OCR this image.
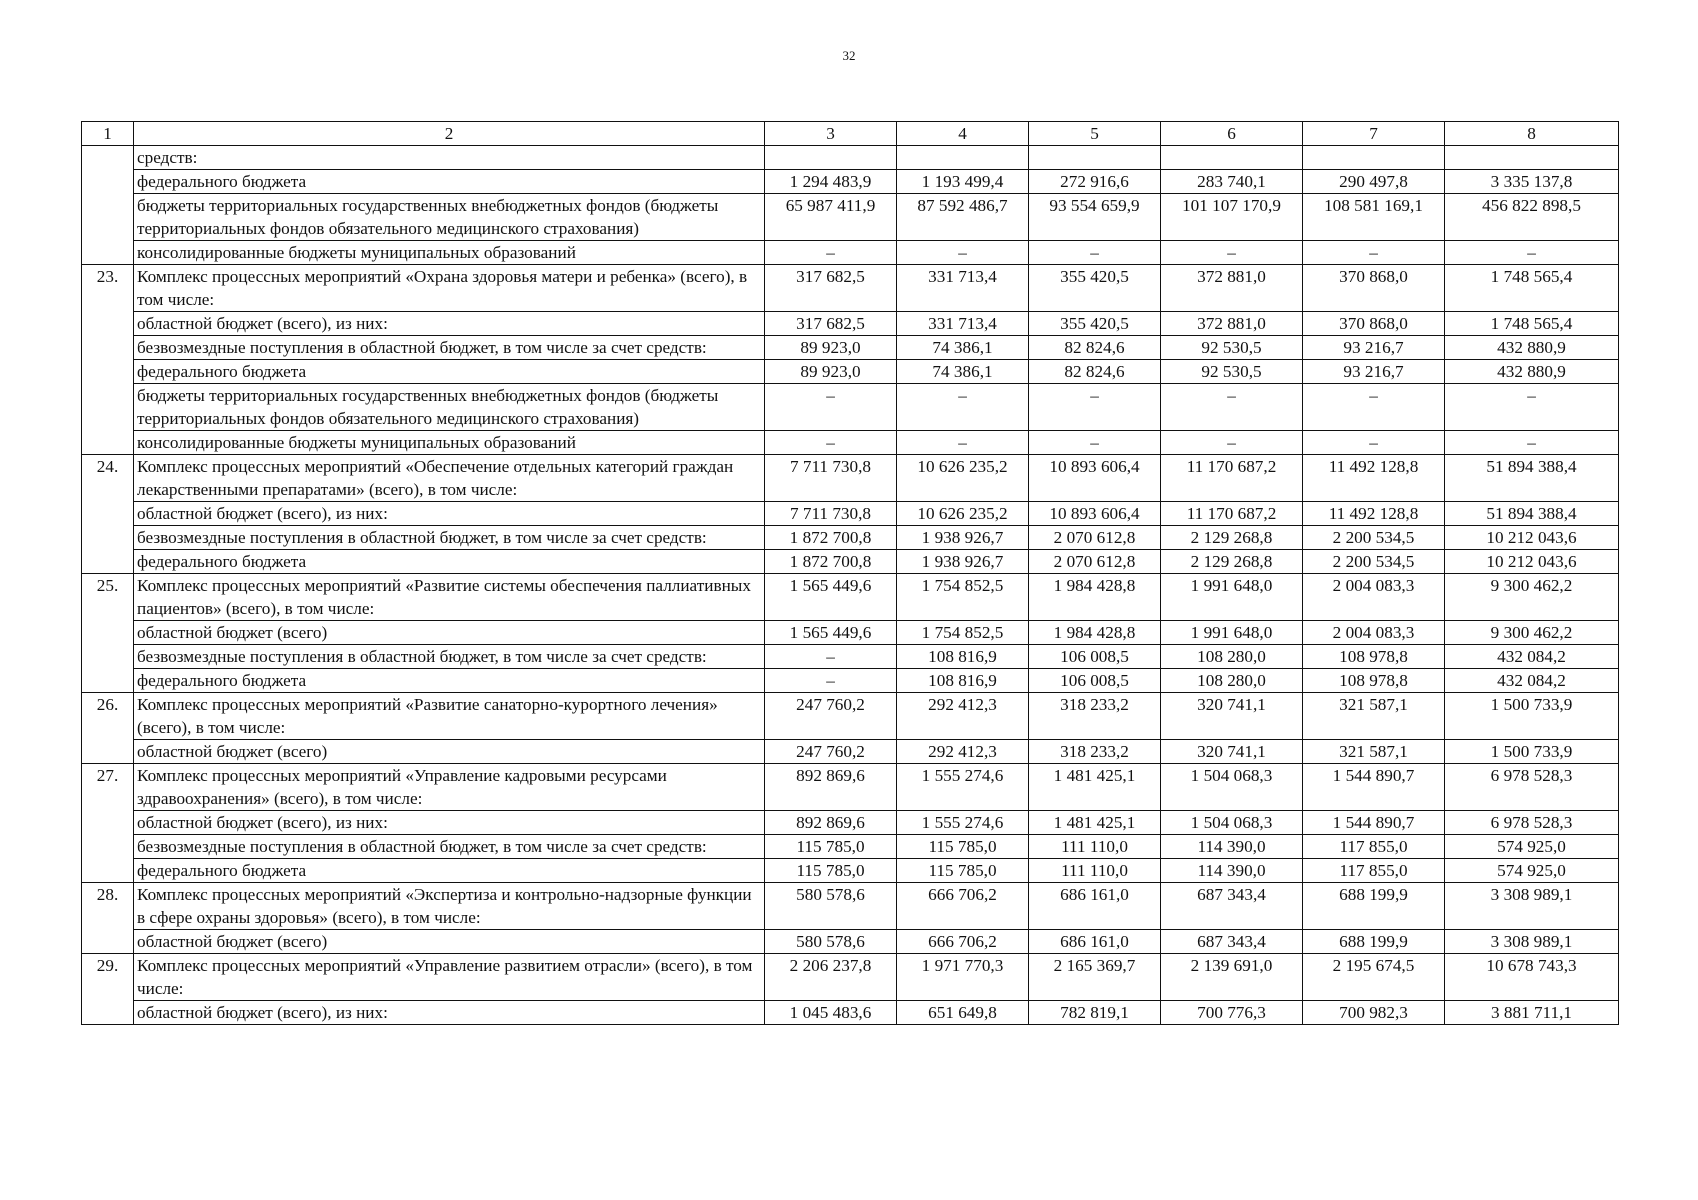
32
1	2	3	4	5	6	7	8
	средств:						
	федерального бюджета	1 294 483,9	1 193 499,4	272 916,6	283 740,1	290 497,8	3 335 137,8
	бюджеты территориальных государственных внебюджетных фондов (бюджеты территориальных фондов обязательного медицинского страхования)	65 987 411,9	87 592 486,7	93 554 659,9	101 107 170,9	108 581 169,1	456 822 898,5
	консолидированные бюджеты муниципальных образований	–	–	–	–	–	–
23.	Комплекс процессных мероприятий «Охрана здоровья матери и ребенка» (всего), в том числе:	317 682,5	331 713,4	355 420,5	372 881,0	370 868,0	1 748 565,4
	областной бюджет (всего), из них:	317 682,5	331 713,4	355 420,5	372 881,0	370 868,0	1 748 565,4
	безвозмездные поступления в областной бюджет, в том числе за счет средств:	89 923,0	74 386,1	82 824,6	92 530,5	93 216,7	432 880,9
	федерального бюджета	89 923,0	74 386,1	82 824,6	92 530,5	93 216,7	432 880,9
	бюджеты территориальных государственных внебюджетных фондов (бюджеты территориальных фондов обязательного медицинского страхования)	–	–	–	–	–	–
	консолидированные бюджеты муниципальных образований	–	–	–	–	–	–
24.	Комплекс процессных мероприятий «Обеспечение отдельных категорий граждан лекарственными препаратами» (всего), в том числе:	7 711 730,8	10 626 235,2	10 893 606,4	11 170 687,2	11 492 128,8	51 894 388,4
	областной бюджет (всего), из них:	7 711 730,8	10 626 235,2	10 893 606,4	11 170 687,2	11 492 128,8	51 894 388,4
	безвозмездные поступления в областной бюджет, в том числе за счет средств:	1 872 700,8	1 938 926,7	2 070 612,8	2 129 268,8	2 200 534,5	10 212 043,6
	федерального бюджета	1 872 700,8	1 938 926,7	2 070 612,8	2 129 268,8	2 200 534,5	10 212 043,6
25.	Комплекс процессных мероприятий «Развитие системы обеспечения паллиативных пациентов» (всего), в том числе:	1 565 449,6	1 754 852,5	1 984 428,8	1 991 648,0	2 004 083,3	9 300 462,2
	областной бюджет (всего)	1 565 449,6	1 754 852,5	1 984 428,8	1 991 648,0	2 004 083,3	9 300 462,2
	безвозмездные поступления в областной бюджет, в том числе за счет средств:	–	108 816,9	106 008,5	108 280,0	108 978,8	432 084,2
	федерального бюджета	–	108 816,9	106 008,5	108 280,0	108 978,8	432 084,2
26.	Комплекс процессных мероприятий «Развитие санаторно-курортного лечения» (всего), в том числе:	247 760,2	292 412,3	318 233,2	320 741,1	321 587,1	1 500 733,9
	областной бюджет (всего)	247 760,2	292 412,3	318 233,2	320 741,1	321 587,1	1 500 733,9
27.	Комплекс процессных мероприятий «Управление кадровыми ресурсами здравоохранения» (всего), в том числе:	892 869,6	1 555 274,6	1 481 425,1	1 504 068,3	1 544 890,7	6 978 528,3
	областной бюджет (всего), из них:	892 869,6	1 555 274,6	1 481 425,1	1 504 068,3	1 544 890,7	6 978 528,3
	безвозмездные поступления в областной бюджет, в том числе за счет средств:	115 785,0	115 785,0	111 110,0	114 390,0	117 855,0	574 925,0
	федерального бюджета	115 785,0	115 785,0	111 110,0	114 390,0	117 855,0	574 925,0
28.	Комплекс процессных мероприятий «Экспертиза и контрольно-надзорные функции в сфере охраны здоровья» (всего), в том числе:	580 578,6	666 706,2	686 161,0	687 343,4	688 199,9	3 308 989,1
	областной бюджет (всего)	580 578,6	666 706,2	686 161,0	687 343,4	688 199,9	3 308 989,1
29.	Комплекс процессных мероприятий «Управление развитием отрасли» (всего), в том числе:	2 206 237,8	1 971 770,3	2 165 369,7	2 139 691,0	2 195 674,5	10 678 743,3
	областной бюджет (всего), из них:	1 045 483,6	651 649,8	782 819,1	700 776,3	700 982,3	3 881 711,1
